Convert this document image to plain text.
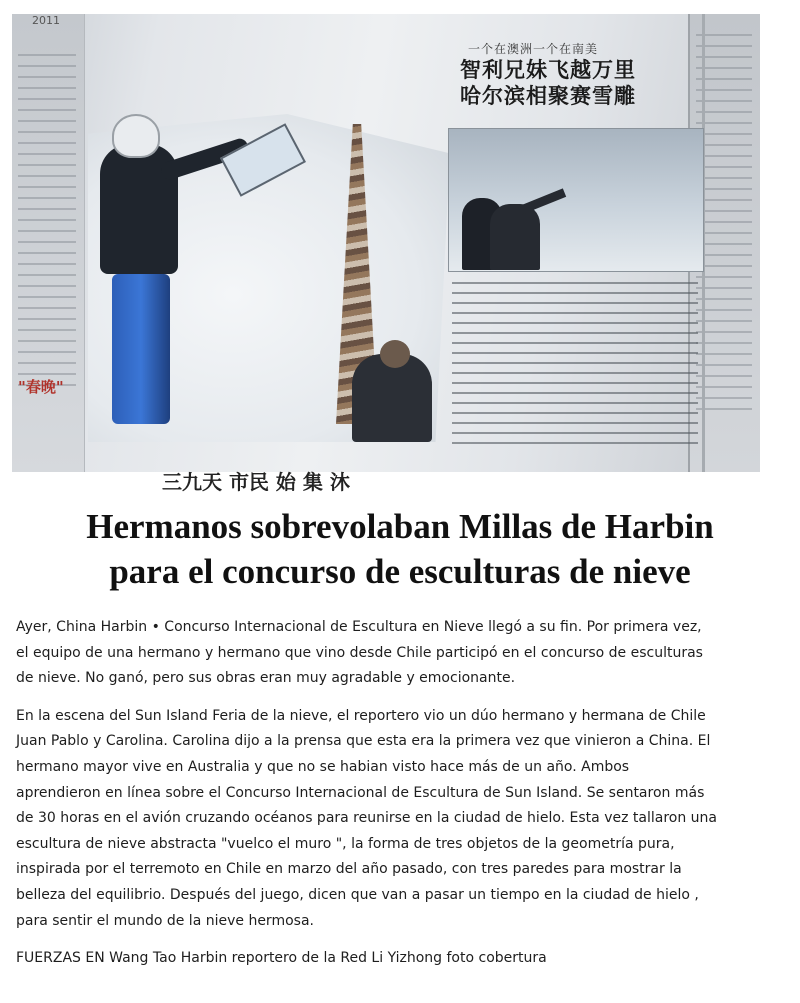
2011
"春晚"
一个在澳洲一个在南美
智利兄妹飞越万里
哈尔滨相聚赛雪雕
三九天 市民 始 集 沐
Hermanos sobrevolaban Millas de Harbin
para el concurso de esculturas de nieve

Ayer, China Harbin • Concurso Internacional de Escultura en Nieve llegó a su fin. Por primera vez,
el equipo de una hermano y hermano que vino desde Chile participó en el concurso de esculturas
de nieve. No ganó, pero sus obras eran muy agradable y emocionante.

En la escena del Sun Island Feria de la nieve, el reportero vio un dúo hermano y hermana de Chile
Juan Pablo y Carolina. Carolina dijo a la prensa que esta era la primera vez que vinieron a China. El
hermano mayor vive en Australia y que no se habian visto hace más de un año. Ambos
aprendieron en línea sobre el Concurso Internacional de Escultura de Sun Island. Se sentaron más
de 30 horas en el avión cruzando océanos para reunirse en la ciudad de hielo. Esta vez tallaron una
escultura de nieve abstracta "vuelco el muro ", la forma de tres objetos de la geometría pura,
inspirada por el terremoto en Chile en marzo del año pasado, con tres paredes para mostrar la
belleza del equilibrio. Después del juego, dicen que van a pasar un tiempo en la ciudad de hielo ,
para sentir el mundo de la nieve hermosa.

FUERZAS EN Wang Tao Harbin reportero de la Red Li Yizhong foto cobertura
